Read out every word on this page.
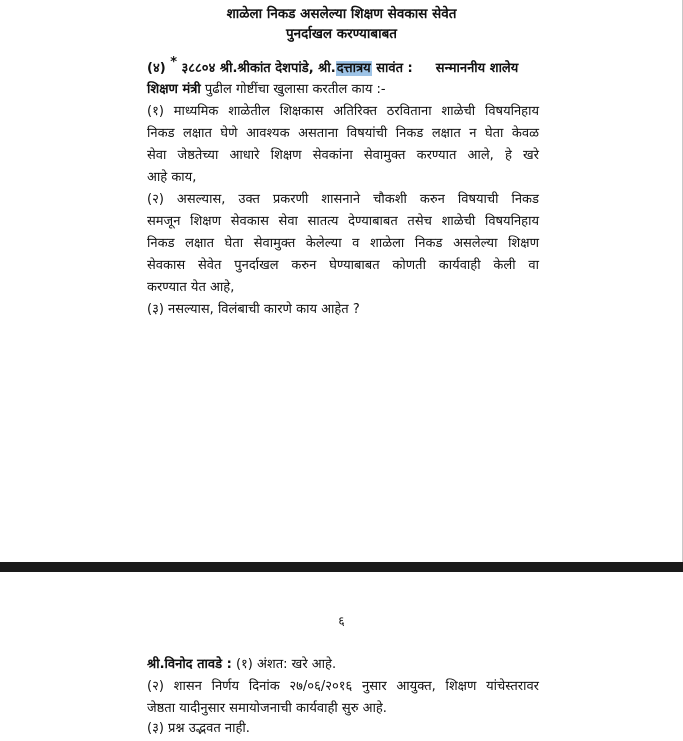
शाळेला निकड असलेल्या शिक्षण सेवकास सेवेत
पुनर्दाखल करण्याबाबत
(४) * ३८८०४ श्री.श्रीकांत देशपांडे, श्री.दत्तात्रय सावंत : सन्माननीय शालेय
शिक्षण मंत्री पुढील गोष्टींचा खुलासा करतील काय :-
(१) माध्यमिक शाळेतील शिक्षकास अतिरिक्त ठरविताना शाळेची विषयनिहाय
निकड लक्षात घेणे आवश्यक असताना विषयांची निकड लक्षात न घेता केवळ
सेवा जेष्ठतेच्या आधारे शिक्षण सेवकांना सेवामुक्त करण्यात आले, हे खरे
आहे काय,
(२) असल्यास, उक्त प्रकरणी शासनाने चौकशी करुन विषयाची निकड
समजून शिक्षण सेवकास सेवा सातत्य देण्याबाबत तसेच शाळेची विषयनिहाय
निकड लक्षात घेता सेवामुक्त केलेल्या व शाळेला निकड असलेल्या शिक्षण
सेवकास सेवेत पुनर्दाखल करुन घेण्याबाबत कोणती कार्यवाही केली वा
करण्यात येत आहे,
(३) नसल्यास, विलंबाची कारणे काय आहेत ?
६
श्री.विनोद तावडे : (१) अंशत: खरे आहे.
(२) शासन निर्णय दिनांक २७/०६/२०१६ नुसार आयुक्त, शिक्षण यांचेस्तरावर
जेष्ठता यादीनुसार समायोजनाची कार्यवाही सुरु आहे.
(३) प्रश्न उद्भवत नाही.
